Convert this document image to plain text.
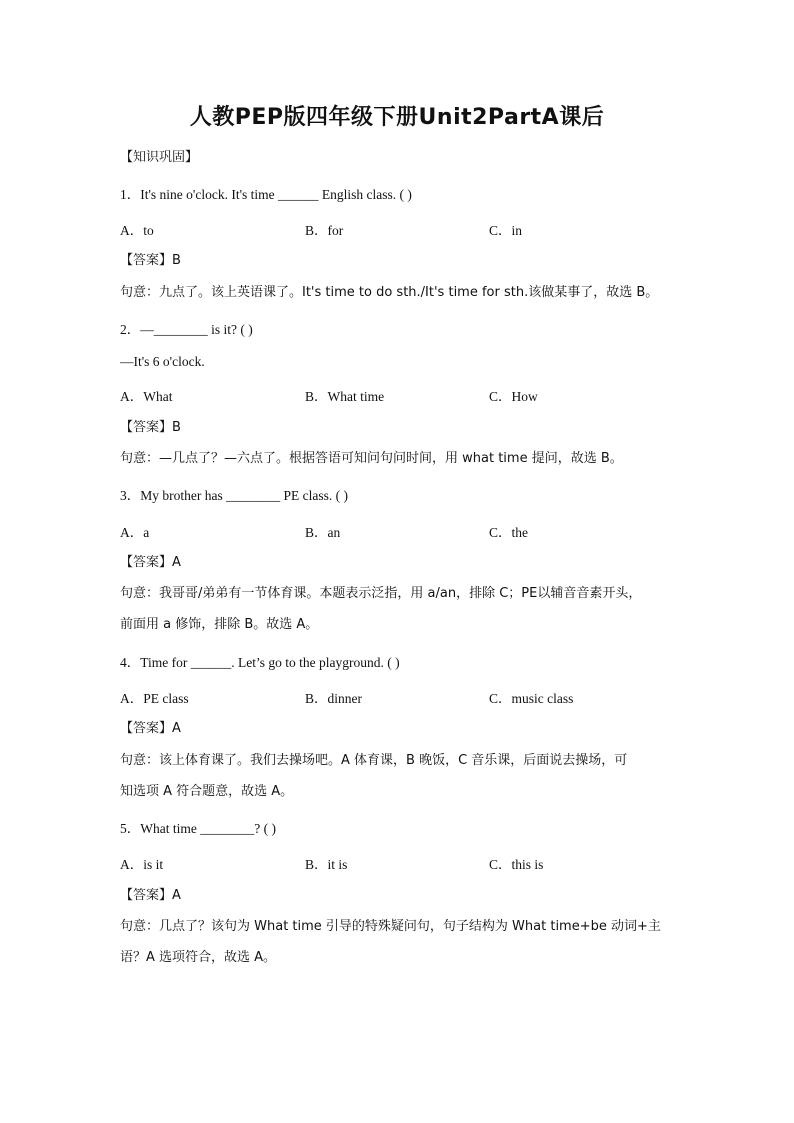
人教PEP版四年级下册Unit2PartA课后
【知识巩固】
1．It's nine o'clock. It's time ______ English class. ( )
A．to	B．for	C．in
【答案】B
句意：九点了。该上英语课了。It's time to do sth./It's time for sth.该做某事了，故选 B。
2．—________ is it? ( )
—It's 6 o'clock.
A．What	B．What time	C．How
【答案】B
句意：—几点了？—六点了。根据答语可知问句问时间，用 what time 提问，故选 B。
3．My brother has ________ PE class. ( )
A．a	B．an	C．the
【答案】A
句意：我哥哥/弟弟有一节体育课。本题表示泛指，用 a/an，排除 C；PE以辅音音素开头，
前面用 a 修饰，排除 B。故选 A。
4．Time for ______. Let’s go to the playground. ( )
A．PE class	B．dinner	C．music class
【答案】A
句意：该上体育课了。我们去操场吧。A 体育课，B 晚饭，C 音乐课，后面说去操场，可
知选项 A 符合题意，故选 A。
5．What time ________? ( )
A．is it	B．it is	C．this is
【答案】A
句意：几点了？该句为 What time 引导的特殊疑问句，句子结构为 What time+be 动词+主
语？A 选项符合，故选 A。
